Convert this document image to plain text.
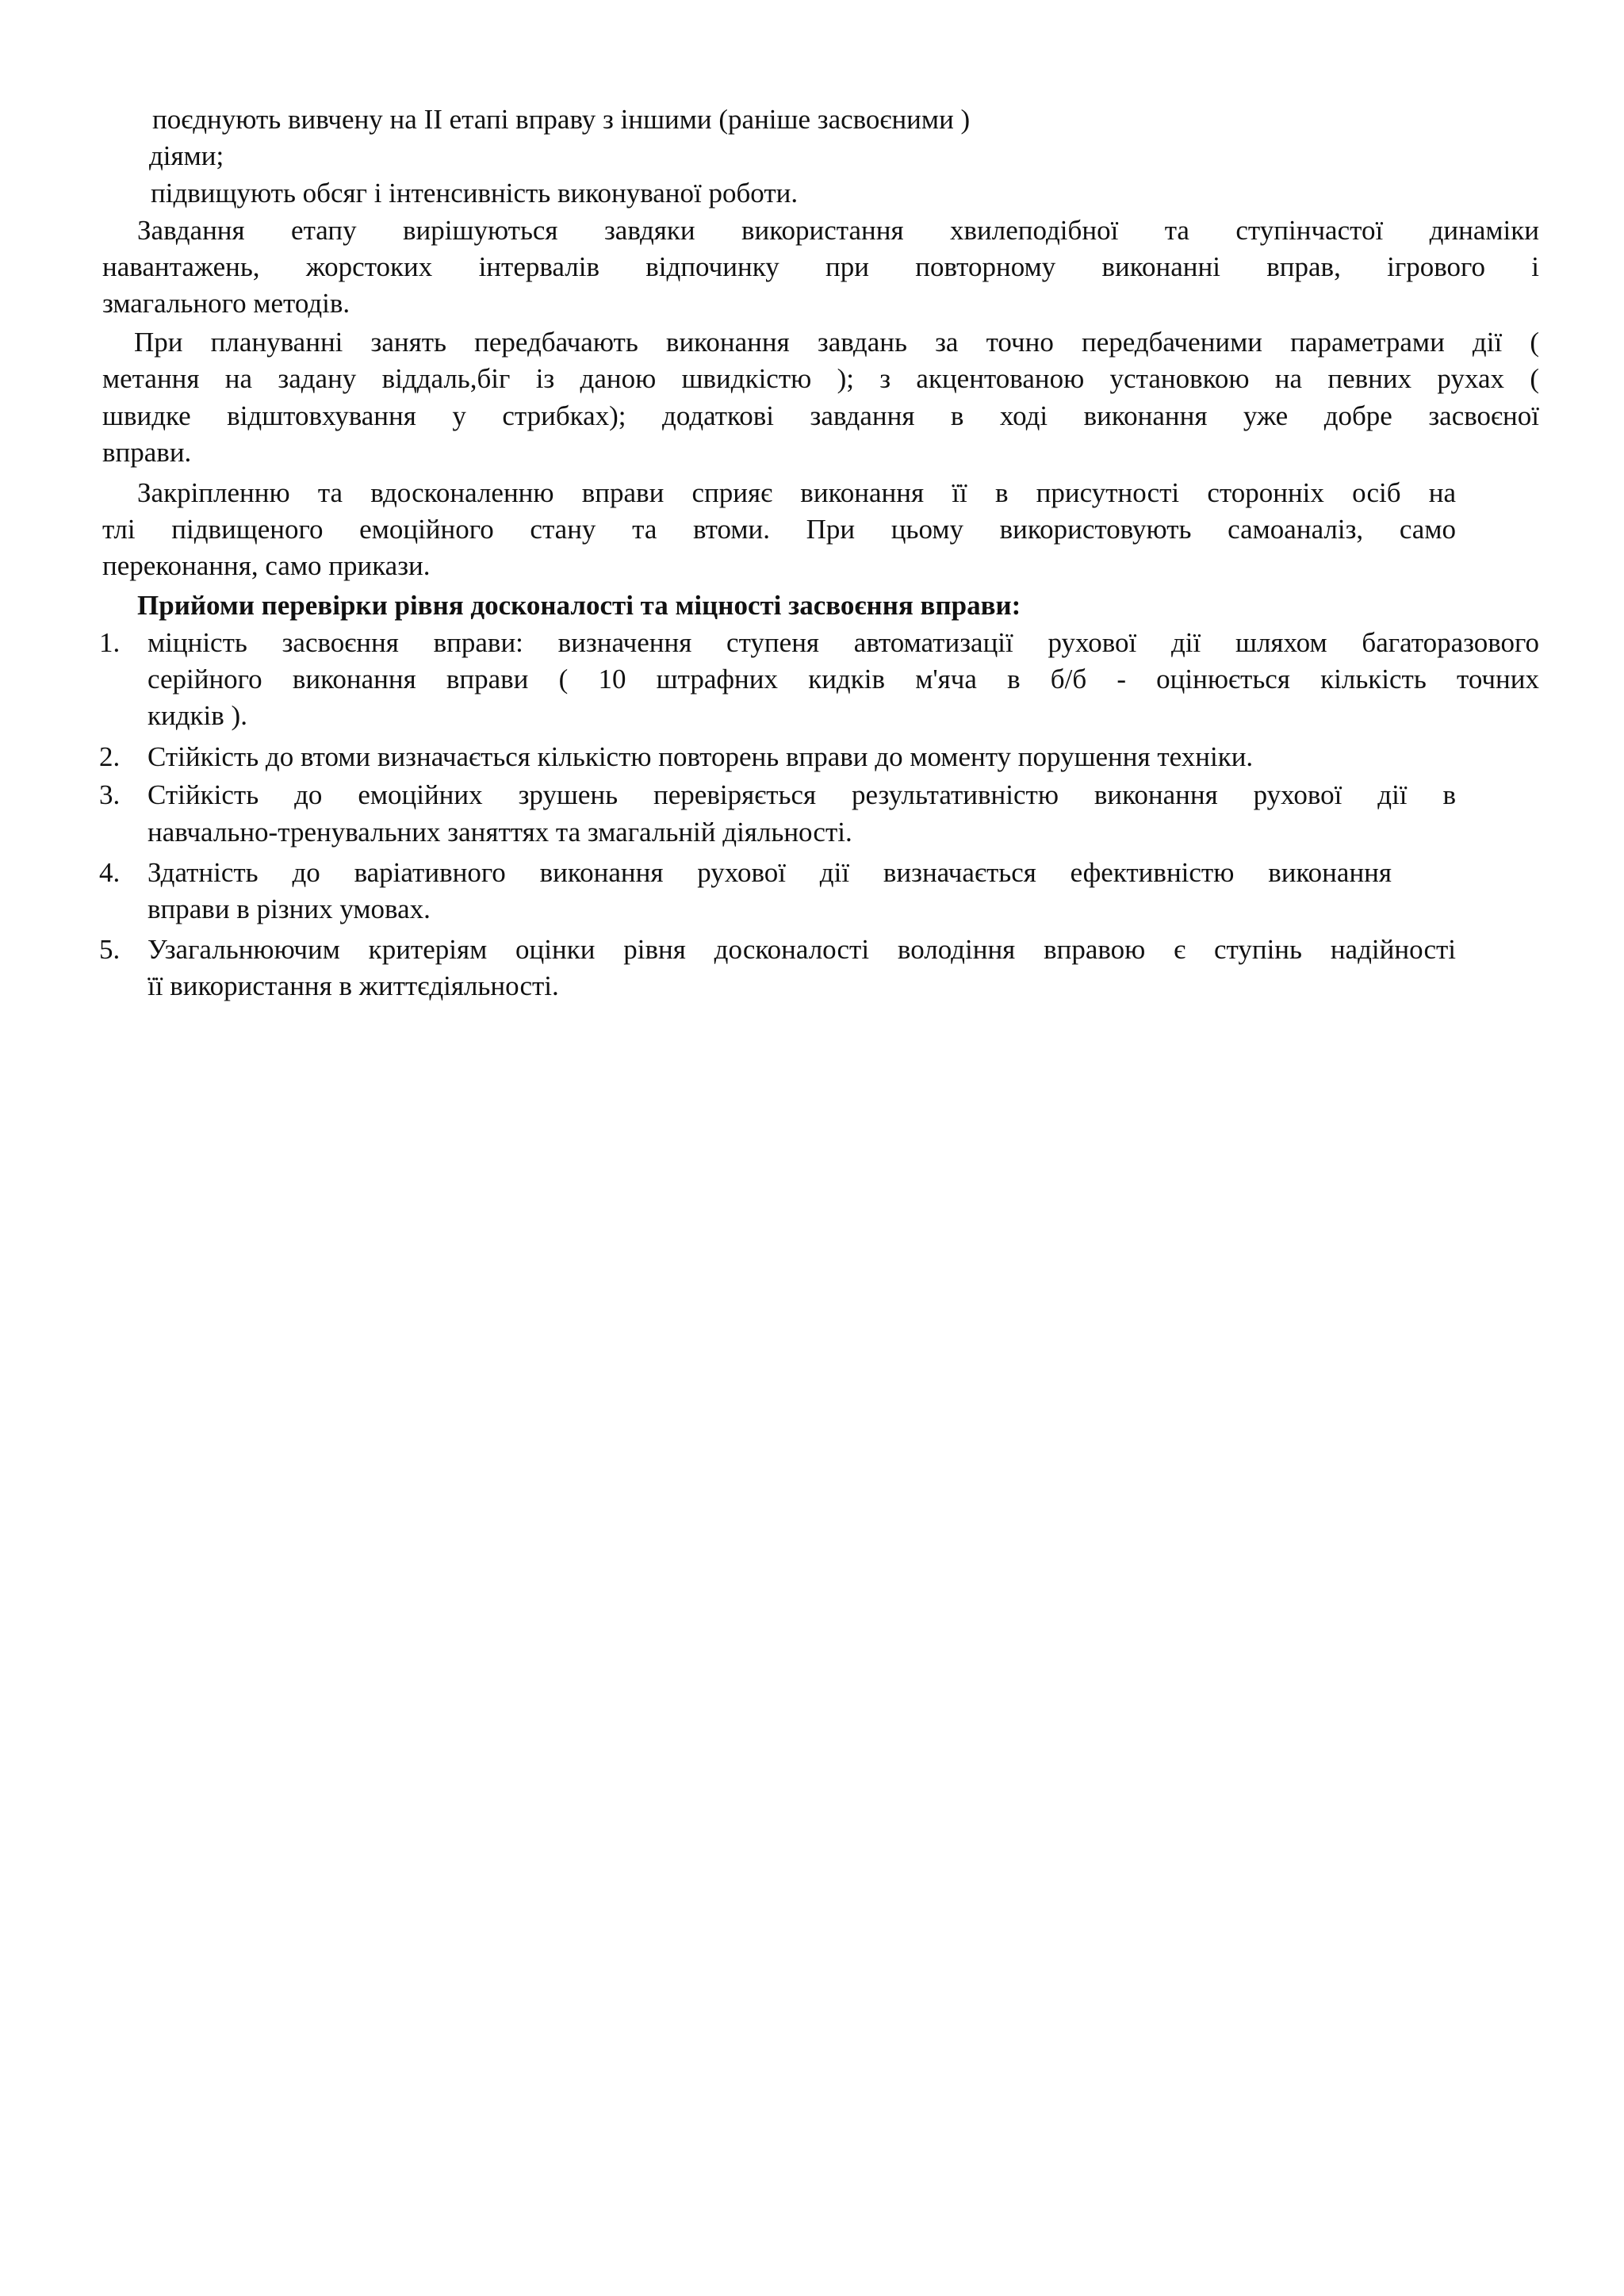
поєднують вивчену на II етапі вправу з іншими (раніше засвоєними )
діями;
підвищують обсяг і інтенсивність виконуваної роботи.
Завдання етапу вирішуються завдяки використання хвилеподібної та ступінчастої динаміки
навантажень, жорстоких інтервалів відпочинку при повторному виконанні вправ, ігрового і
змагального методів.
При плануванні занять передбачають виконання завдань за точно передбаченими параметрами дії (
метання на задану віддаль,біг із даною швидкістю ); з акцентованою установкою на певних рухах (
швидке відштовхування у стрибках); додаткові завдання в ході виконання уже добре засвоєної
вправи.
Закріпленню та вдосконаленню вправи сприяє виконання її в присутності сторонніх осіб на
тлі підвищеного емоційного стану та втоми. При цьому використовують самоаналіз, само
переконання, само прикази.
Прийоми перевірки рівня досконалості та міцності засвоєння вправи:
1. міцність засвоєння вправи: визначення ступеня автоматизації рухової дії шляхом багаторазового
серійного виконання вправи ( 10 штрафних кидків м'яча в б/б - оцінюється кількість точних
кидків ).
2. Стійкість до втоми визначається кількістю повторень вправи до моменту порушення техніки.
3. Стійкість до емоційних зрушень перевіряється результативністю виконання рухової дії в
навчально-тренувальних заняттях та змагальній діяльності.
4. Здатність до варіативного виконання рухової дії визначається ефективністю виконання
вправи в різних умовах.
5. Узагальнюючим критеріям оцінки рівня досконалості володіння вправою є ступінь надійності
її використання в життєдіяльності.
